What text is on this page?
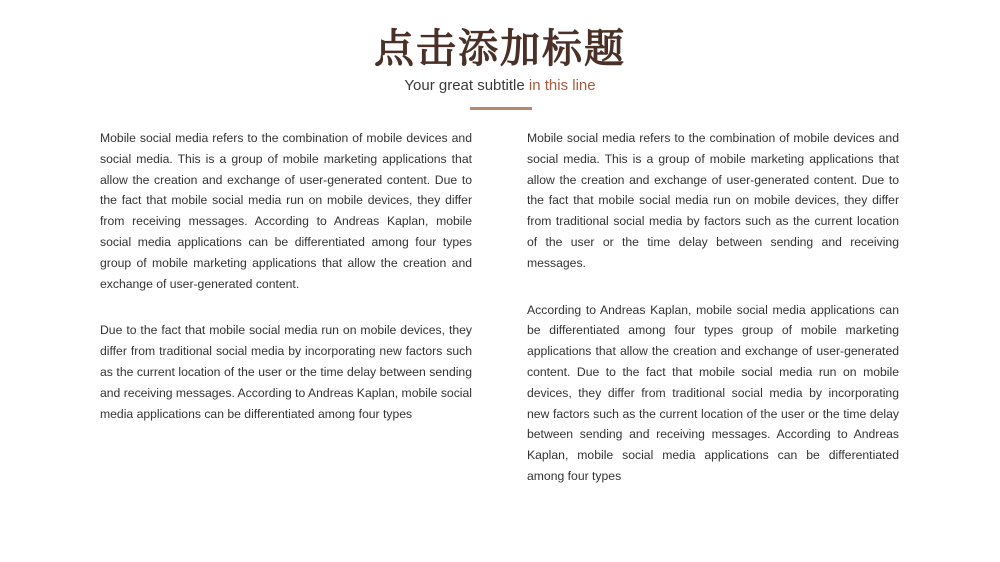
点击添加标题
Your great subtitle in this line

Mobile social media refers to the combination of mobile devices and social media. This is a group of mobile marketing applications that allow the creation and exchange of user-generated content. Due to the fact that mobile social media run on mobile devices, they differ from receiving messages. According to Andreas Kaplan, mobile social media applications can be differentiated among four types group of mobile marketing applications that allow the creation and exchange of user-generated content.

Due to the fact that mobile social media run on mobile devices, they differ from traditional social media by incorporating new factors such as the current location of the user or the time delay between sending and receiving messages. According to Andreas Kaplan, mobile social media applications can be differentiated among four types

Mobile social media refers to the combination of mobile devices and social media. This is a group of mobile marketing applications that allow the creation and exchange of user-generated content. Due to the fact that mobile social media run on mobile devices, they differ from traditional social media by factors such as the current location of the user or the time delay between sending and receiving messages.

According to Andreas Kaplan, mobile social media applications can be differentiated among four types group of mobile marketing applications that allow the creation and exchange of user-generated content. Due to the fact that mobile social media run on mobile devices, they differ from traditional social media by incorporating new factors such as the current location of the user or the time delay between sending and receiving messages. According to Andreas Kaplan, mobile social media applications can be differentiated among four types
